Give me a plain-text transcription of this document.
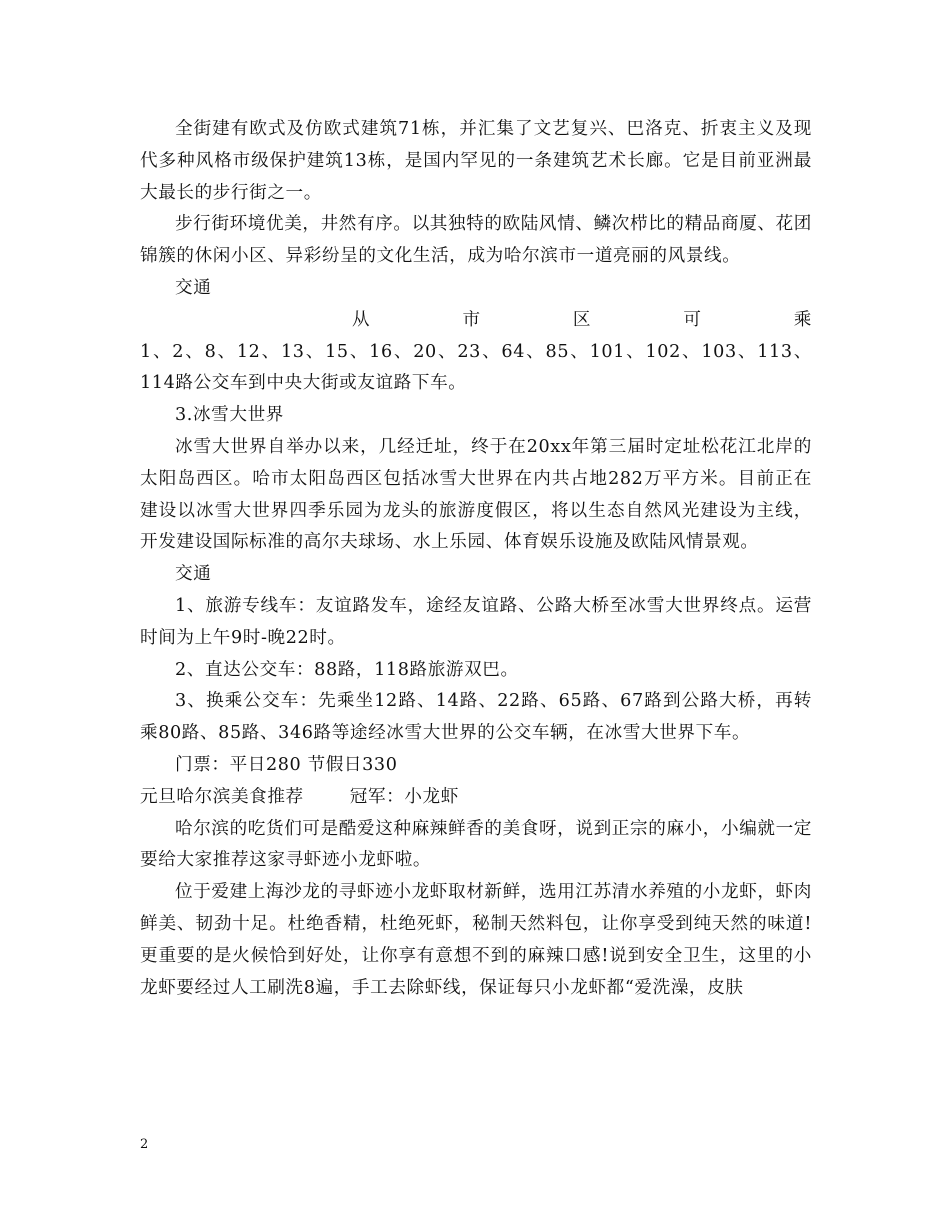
全街建有欧式及仿欧式建筑71栋，并汇集了文艺复兴、巴洛克、折衷主义及现代多种风格市级保护建筑13栋，是国内罕见的一条建筑艺术长廊。它是目前亚洲最大最长的步行街之一。

步行街环境优美，井然有序。以其独特的欧陆风情、鳞次栉比的精品商厦、花团锦簇的休闲小区、异彩纷呈的文化生活，成为哈尔滨市一道亮丽的风景线。

交通

从	市	区	可	乘

1、2、8、12、13、15、16、20、23、64、85、101、102、103、113、114路公交车到中央大街或友谊路下车。

3.冰雪大世界

冰雪大世界自举办以来，几经迁址，终于在20xx年第三届时定址松花江北岸的太阳岛西区。哈市太阳岛西区包括冰雪大世界在内共占地282万平方米。目前正在建设以冰雪大世界四季乐园为龙头的旅游度假区，将以生态自然风光建设为主线，开发建设国际标准的高尔夫球场、水上乐园、体育娱乐设施及欧陆风情景观。

交通

1、旅游专线车：友谊路发车，途经友谊路、公路大桥至冰雪大世界终点。运营时间为上午9时-晚22时。

2、直达公交车：88路，118路旅游双巴。

3、换乘公交车：先乘坐12路、14路、22路、65路、67路到公路大桥，再转乘80路、85路、346路等途经冰雪大世界的公交车辆，在冰雪大世界下车。

门票：平日280 节假日330

元旦哈尔滨美食推荐	冠军：小龙虾

哈尔滨的吃货们可是酷爱这种麻辣鲜香的美食呀，说到正宗的麻小，小编就一定要给大家推荐这家寻虾迹小龙虾啦。

位于爱建上海沙龙的寻虾迹小龙虾取材新鲜，选用江苏清水养殖的小龙虾，虾肉鲜美、韧劲十足。杜绝香精，杜绝死虾，秘制天然料包，让你享受到纯天然的味道!更重要的是火候恰到好处，让你享有意想不到的麻辣口感!说到安全卫生，这里的小龙虾要经过人工刷洗8遍，手工去除虾线，保证每只小龙虾都“爱洗澡，皮肤

2
